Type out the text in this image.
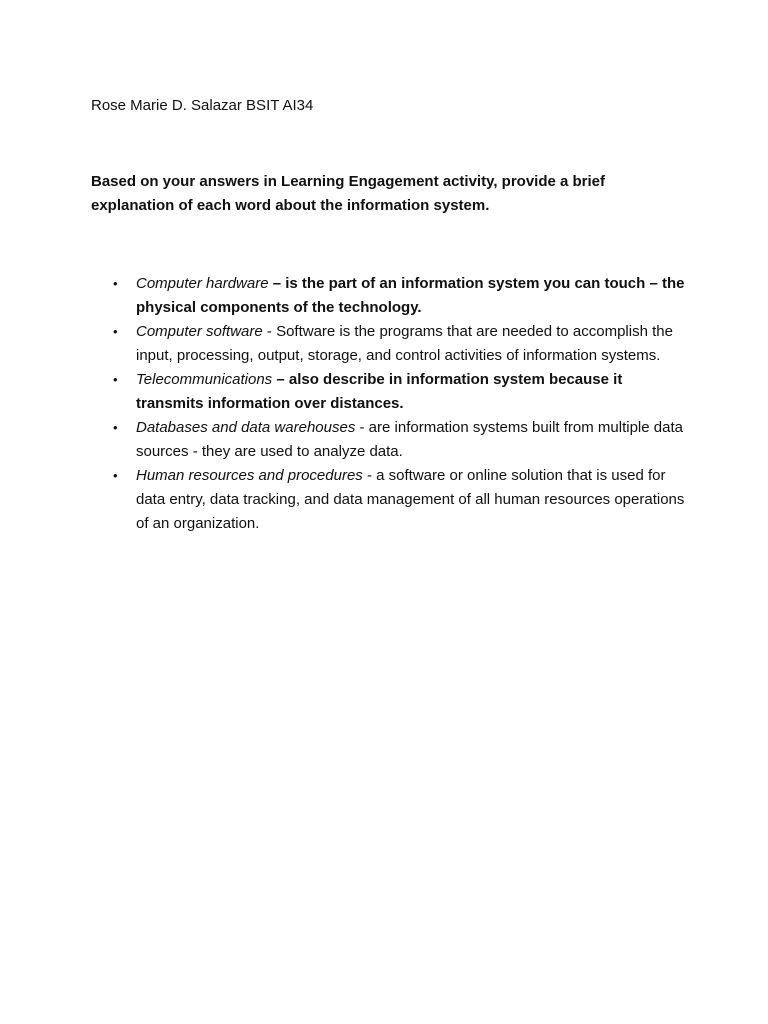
Rose Marie D. Salazar BSIT AI34
Based on your answers in Learning Engagement activity, provide a brief explanation of each word about the information system.
• Computer hardware – is the part of an information system you can touch – the physical components of the technology.
• Computer software - Software is the programs that are needed to accomplish the input, processing, output, storage, and control activities of information systems.
• Telecommunications – also describe in information system because it transmits information over distances.
• Databases and data warehouses - are information systems built from multiple data sources - they are used to analyze data.
• Human resources and procedures - a software or online solution that is used for data entry, data tracking, and data management of all human resources operations of an organization.
